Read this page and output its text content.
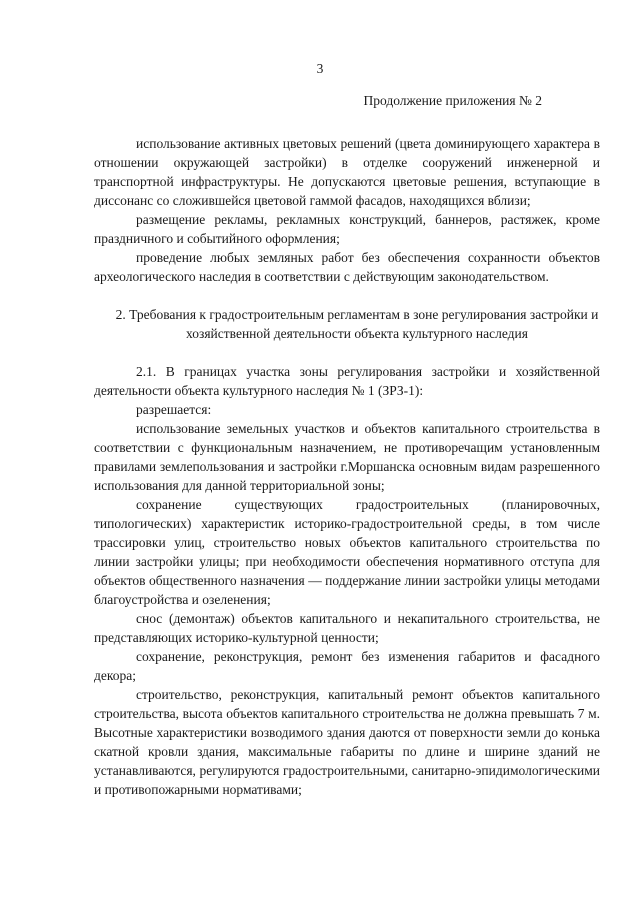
3
Продолжение приложения № 2

использование активных цветовых решений (цвета доминирующего характера в отношении окружающей застройки) в отделке сооружений инженерной и транспортной инфраструктуры. Не допускаются цветовые решения, вступающие в диссонанс со сложившейся цветовой гаммой фасадов, находящихся вблизи;

размещение рекламы, рекламных конструкций, баннеров, растяжек, кроме праздничного и событийного оформления;

проведение любых земляных работ без обеспечения сохранности объектов археологического наследия в соответствии с действующим законодательством.

2. Требования к градостроительным регламентам в зоне регулирования застройки и хозяйственной деятельности объекта культурного наследия

2.1. В границах участка зоны регулирования застройки и хозяйственной деятельности объекта культурного наследия № 1 (ЗРЗ-1):

разрешается:

использование земельных участков и объектов капитального строительства в соответствии с функциональным назначением, не противоречащим установленным правилами землепользования и застройки г.Моршанска основным видам разрешенного использования для данной территориальной зоны;

сохранение существующих градостроительных (планировочных, типологических) характеристик историко-градостроительной среды, в том числе трассировки улиц, строительство новых объектов капитального строительства по линии застройки улицы; при необходимости обеспечения нормативного отступа для объектов общественного назначения — поддержание линии застройки улицы методами благоустройства и озеленения;

снос (демонтаж) объектов капитального и некапитального строительства, не представляющих историко-культурной ценности;

сохранение, реконструкция, ремонт без изменения габаритов и фасадного декора;

строительство, реконструкция, капитальный ремонт объектов капитального строительства, высота объектов капитального строительства не должна превышать 7 м. Высотные характеристики возводимого здания даются от поверхности земли до конька скатной кровли здания, максимальные габариты по длине и ширине зданий не устанавливаются, регулируются градостроительными, санитарно-эпидимологическими и противопожарными нормативами;
